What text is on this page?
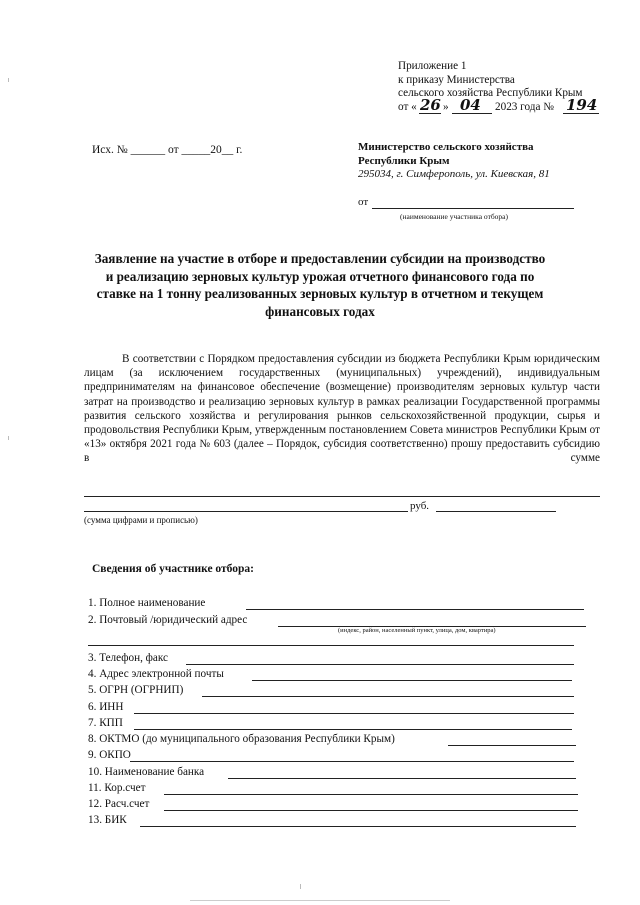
Приложение 1
к приказу Министерства
сельского хозяйства Республики Крым
от « 26 » 04 2023 года № 194
Исх. № ______ от _____20__ г.	Министерство сельского хозяйства
Республики Крым
295034, г. Симферополь, ул. Киевская, 81
от
(наименование участника отбора)
Заявление на участие в отборе и предоставлении субсидии на производство и реализацию зерновых культур урожая отчетного финансового года по ставке на 1 тонну реализованных зерновых культур в отчетном и текущем финансовых годах

В соответствии с Порядком предоставления субсидии из бюджета Республики Крым юридическим лицам (за исключением государственных (муниципальных) учреждений), индивидуальным предпринимателям на финансовое обеспечение (возмещение) производителям зерновых культур части затрат на производство и реализацию зерновых культур в рамках реализации Государственной программы развития сельского хозяйства и регулирования рынков сельскохозяйственной продукции, сырья и продовольствия Республики Крым, утвержденным постановлением Совета министров Республики Крым от «13» октября 2021 года № 603 (далее – Порядок, субсидия соответственно) прошу предоставить субсидию в сумме

руб.
(сумма цифрами и прописью)
Сведения об участнике отбора:
1. Полное наименование
2. Почтовый /юридический адрес
3. Телефон, факс
4. Адрес электронной почты
5. ОГРН (ОГРНИП)
6. ИНН
7. КПП
8. ОКТМО (до муниципального образования Республики Крым)
9. ОКПО
10. Наименование банка
11. Кор.счет
12. Расч.счет
13. БИК
(индекс, район, населенный пункт, улица, дом, квартира)
